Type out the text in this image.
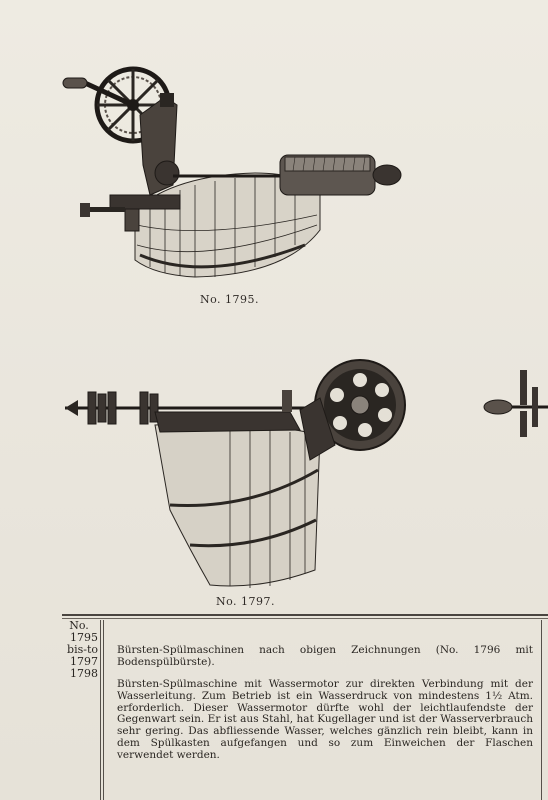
No. 1795.
No. 1797.
No.
1795
bis-to
1797
1798
Bürsten-Spülmaschinen nach obigen Zeichnungen (No. 1796 mit Bodenspülbürste).
Bürsten-Spülmaschine mit Wassermotor zur direkten Verbindung mit der Wasserleitung. Zum Betrieb ist ein Wasserdruck von mindestens 1½ Atm. erforderlich. Dieser Wassermotor dürfte wohl der leichtlaufendste der Gegenwart sein. Er ist aus Stahl, hat Kugellager und ist der Wasserverbrauch sehr gering. Das abfliessende Wasser, welches gänzlich rein bleibt, kann in dem Spülkasten aufgefangen und so zum Einweichen der Flaschen verwendet werden.
